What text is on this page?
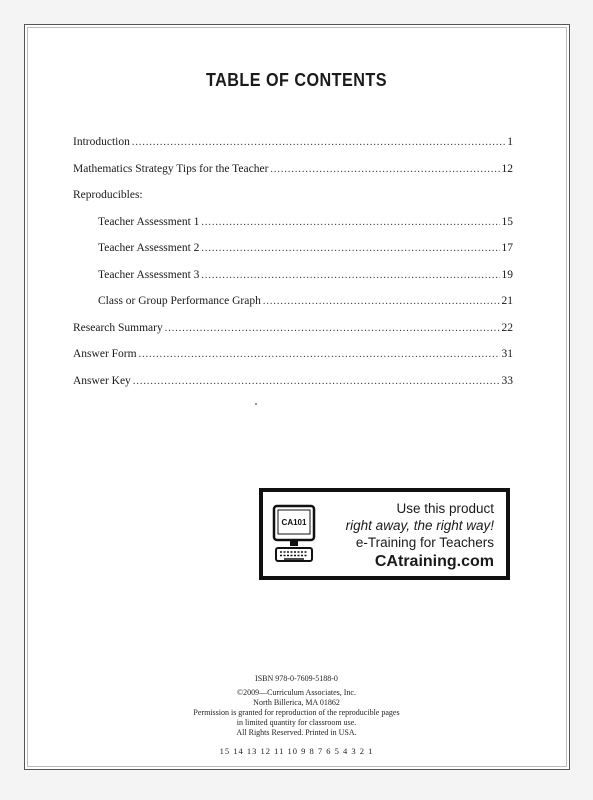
TABLE OF CONTENTS
Introduction .....	1
Mathematics Strategy Tips for the Teacher .....	12
Reproducibles:
Teacher Assessment 1 .....	15
Teacher Assessment 2 .....	17
Teacher Assessment 3 .....	19
Class or Group Performance Graph .....	21
Research Summary .....	22
Answer Form .....	31
Answer Key .....	33
CA101
Use this product
right away, the right way!
e-Training for Teachers
CAtraining.com
ISBN 978-0-7609-5188-0
©2009—Curriculum Associates, Inc.
North Billerica, MA 01862
Permission is granted for reproduction of the reproducible pages
in limited quantity for classroom use.
All Rights Reserved. Printed in USA.
15 14 13 12 11 10 9 8 7 6 5 4 3 2 1
